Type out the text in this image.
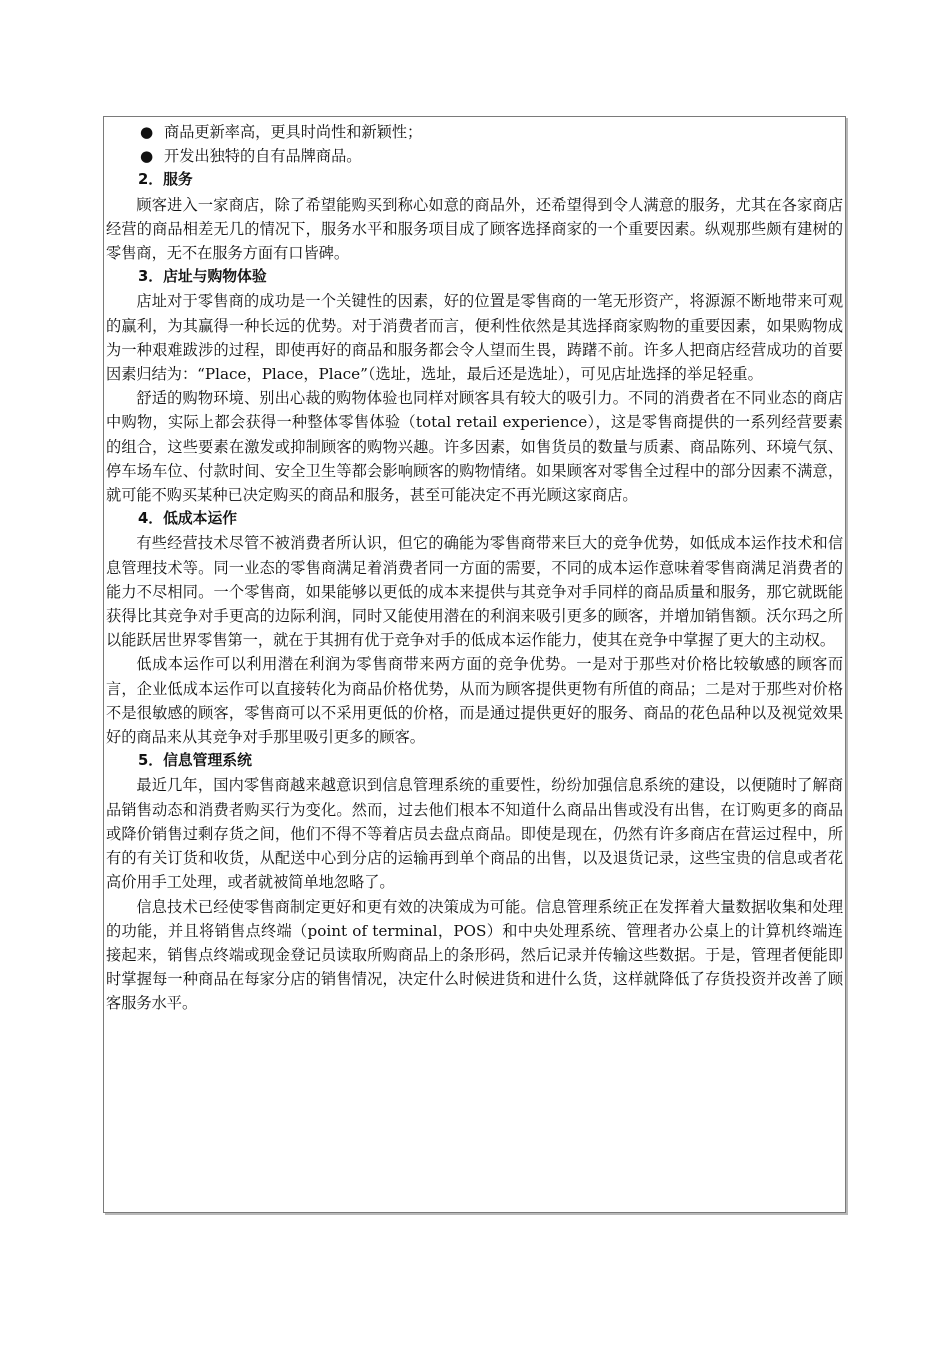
● 商品更新率高，更具时尚性和新颖性；

● 开发出独特的自有品牌商品。

2．服务

顾客进入一家商店，除了希望能购买到称心如意的商品外，还希望得到令人满意的服务，尤其在各家商店经营的商品相差无几的情况下，服务水平和服务项目成了顾客选择商家的一个重要因素。纵观那些颇有建树的零售商，无不在服务方面有口皆碑。

3．店址与购物体验

店址对于零售商的成功是一个关键性的因素，好的位置是零售商的一笔无形资产，将源源不断地带来可观的赢利，为其赢得一种长远的优势。对于消费者而言，便利性依然是其选择商家购物的重要因素，如果购物成为一种艰难跋涉的过程，即使再好的商品和服务都会令人望而生畏，踌躇不前。许多人把商店经营成功的首要因素归结为：“Place，Place，Place”（选址，选址，最后还是选址），可见店址选择的举足轻重。

舒适的购物环境、别出心裁的购物体验也同样对顾客具有较大的吸引力。不同的消费者在不同业态的商店中购物，实际上都会获得一种整体零售体验（total retail experience），这是零售商提供的一系列经营要素的组合，这些要素在激发或抑制顾客的购物兴趣。许多因素，如售货员的数量与质素、商品陈列、环境气氛、停车场车位、付款时间、安全卫生等都会影响顾客的购物情绪。如果顾客对零售全过程中的部分因素不满意，就可能不购买某种已决定购买的商品和服务，甚至可能决定不再光顾这家商店。

4．低成本运作

有些经营技术尽管不被消费者所认识，但它的确能为零售商带来巨大的竞争优势，如低成本运作技术和信息管理技术等。同一业态的零售商满足着消费者同一方面的需要，不同的成本运作意味着零售商满足消费者的能力不尽相同。一个零售商，如果能够以更低的成本来提供与其竞争对手同样的商品质量和服务，那它就既能获得比其竞争对手更高的边际利润，同时又能使用潜在的利润来吸引更多的顾客，并增加销售额。沃尔玛之所以能跃居世界零售第一，就在于其拥有优于竞争对手的低成本运作能力，使其在竞争中掌握了更大的主动权。

低成本运作可以利用潜在利润为零售商带来两方面的竞争优势。一是对于那些对价格比较敏感的顾客而言，企业低成本运作可以直接转化为商品价格优势，从而为顾客提供更物有所值的商品；二是对于那些对价格不是很敏感的顾客，零售商可以不采用更低的价格，而是通过提供更好的服务、商品的花色品种以及视觉效果好的商品来从其竞争对手那里吸引更多的顾客。

5．信息管理系统

最近几年，国内零售商越来越意识到信息管理系统的重要性，纷纷加强信息系统的建设，以便随时了解商品销售动态和消费者购买行为变化。然而，过去他们根本不知道什么商品出售或没有出售，在订购更多的商品或降价销售过剩存货之间，他们不得不等着店员去盘点商品。即使是现在，仍然有许多商店在营运过程中，所有的有关订货和收货，从配送中心到分店的运输再到单个商品的出售，以及退货记录，这些宝贵的信息或者花高价用手工处理，或者就被简单地忽略了。

信息技术已经使零售商制定更好和更有效的决策成为可能。信息管理系统正在发挥着大量数据收集和处理的功能，并且将销售点终端（point of terminal，POS）和中央处理系统、管理者办公桌上的计算机终端连接起来，销售点终端或现金登记员读取所购商品上的条形码，然后记录并传输这些数据。于是，管理者便能即时掌握每一种商品在每家分店的销售情况，决定什么时候进货和进什么货，这样就降低了存货投资并改善了顾客服务水平。
